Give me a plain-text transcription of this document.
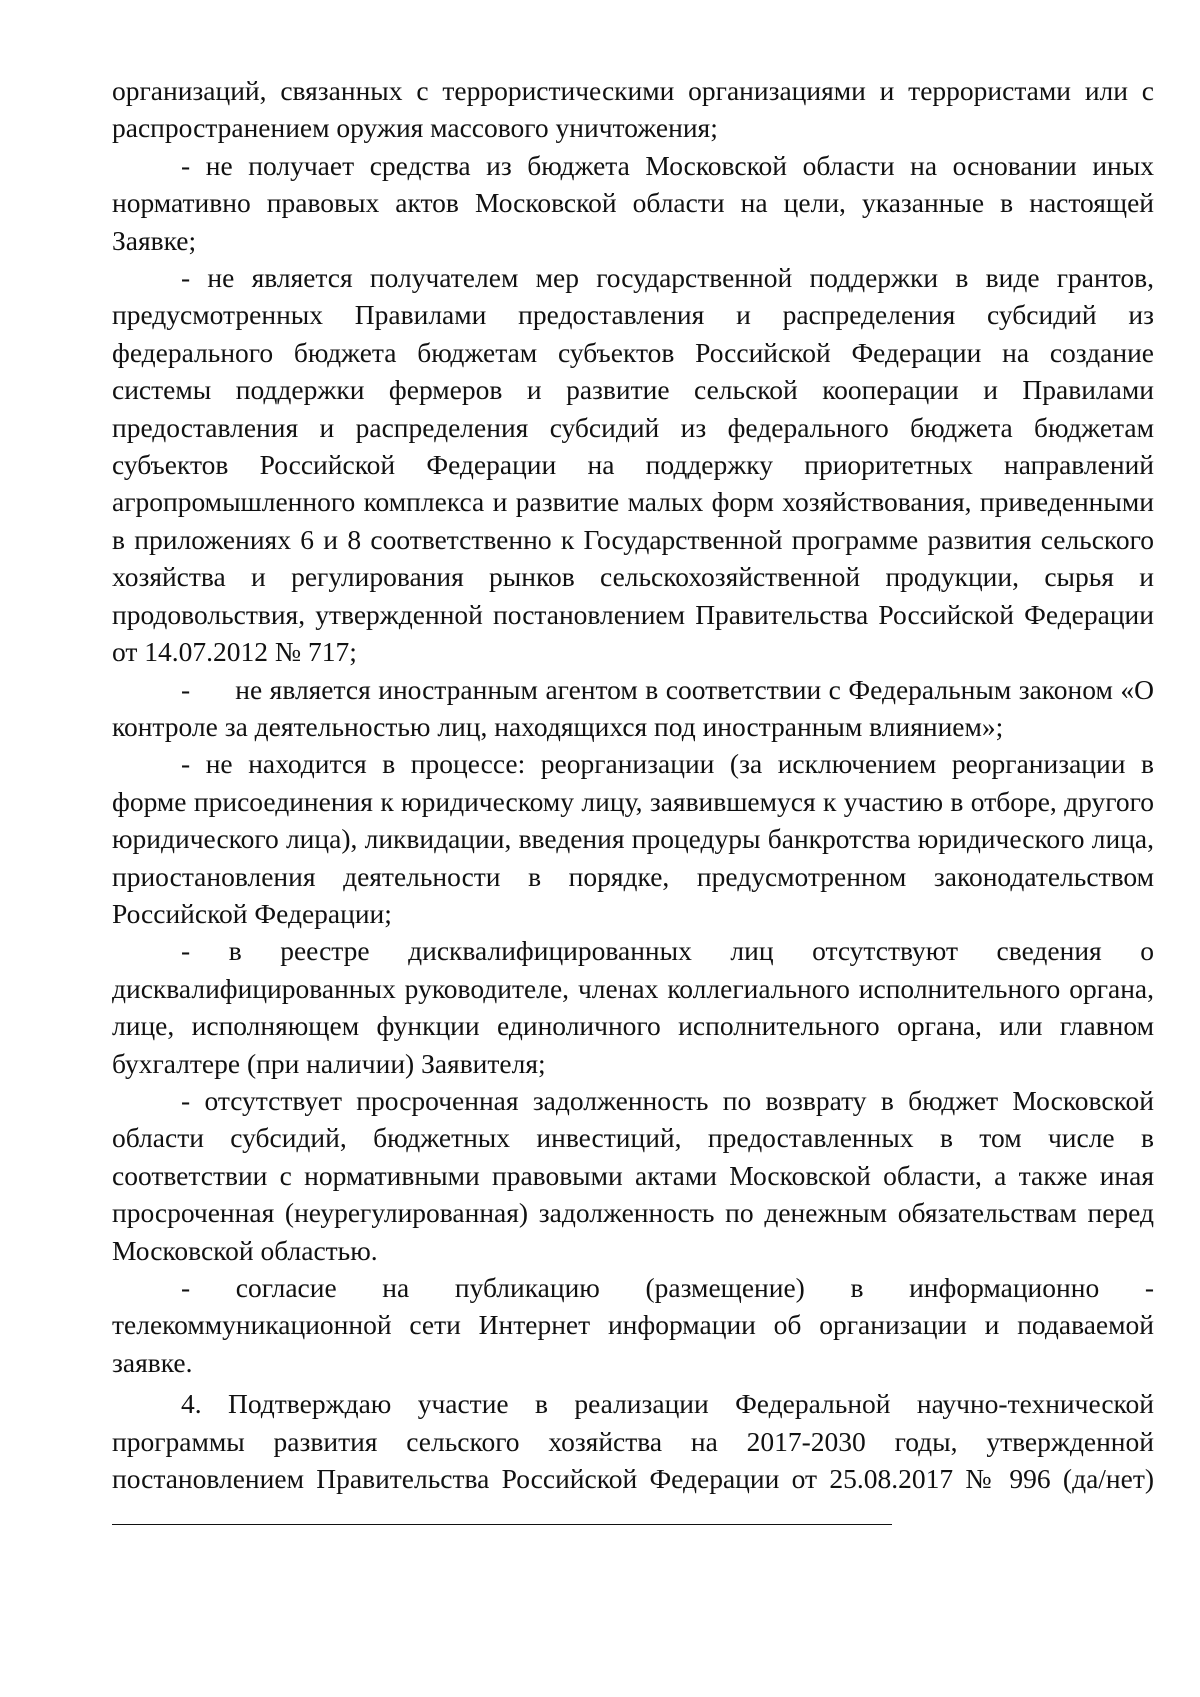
организаций, связанных с террористическими организациями и террористами или с распространением оружия массового уничтожения;

- не получает средства из бюджета Московской области на основании иных нормативно правовых актов Московской области на цели, указанные в настоящей Заявке;

- не является получателем мер государственной поддержки в виде грантов, предусмотренных Правилами предоставления и распределения субсидий из федерального бюджета бюджетам субъектов Российской Федерации на создание системы поддержки фермеров и развитие сельской кооперации и Правилами предоставления и распределения субсидий из федерального бюджета бюджетам субъектов Российской Федерации на поддержку приоритетных направлений агропромышленного комплекса и развитие малых форм хозяйствования, приведенными в приложениях 6 и 8 соответственно к Государственной программе развития сельского хозяйства и регулирования рынков сельскохозяйственной продукции, сырья и продовольствия, утвержденной постановлением Правительства Российской Федерации от 14.07.2012 № 717;

-      не является иностранным агентом в соответствии с Федеральным законом «О контроле за деятельностью лиц, находящихся под иностранным влиянием»;

- не находится в процессе: реорганизации (за исключением реорганизации в форме присоединения к юридическому лицу, заявившемуся к участию в отборе, другого юридического лица), ликвидации, введения процедуры банкротства юридического лица, приостановления деятельности в порядке, предусмотренном законодательством Российской Федерации;

- в реестре дисквалифицированных лиц отсутствуют сведения о дисквалифицированных руководителе, членах коллегиального исполнительного органа, лице, исполняющем функции единоличного исполнительного органа, или главном бухгалтере (при наличии) Заявителя;

- отсутствует просроченная задолженность по возврату в бюджет Московской области субсидий, бюджетных инвестиций, предоставленных в том числе в соответствии с нормативными правовыми актами Московской области, а также иная просроченная (неурегулированная) задолженность по денежным обязательствам перед Московской областью.

- согласие на публикацию (размещение) в информационно - телекоммуникационной сети Интернет информации об организации и подаваемой заявке.

4. Подтверждаю участие в реализации Федеральной научно-технической программы развития сельского хозяйства на 2017-2030 годы, утвержденной постановлением Правительства Российской Федерации от 25.08.2017 № 996 (да/нет)
